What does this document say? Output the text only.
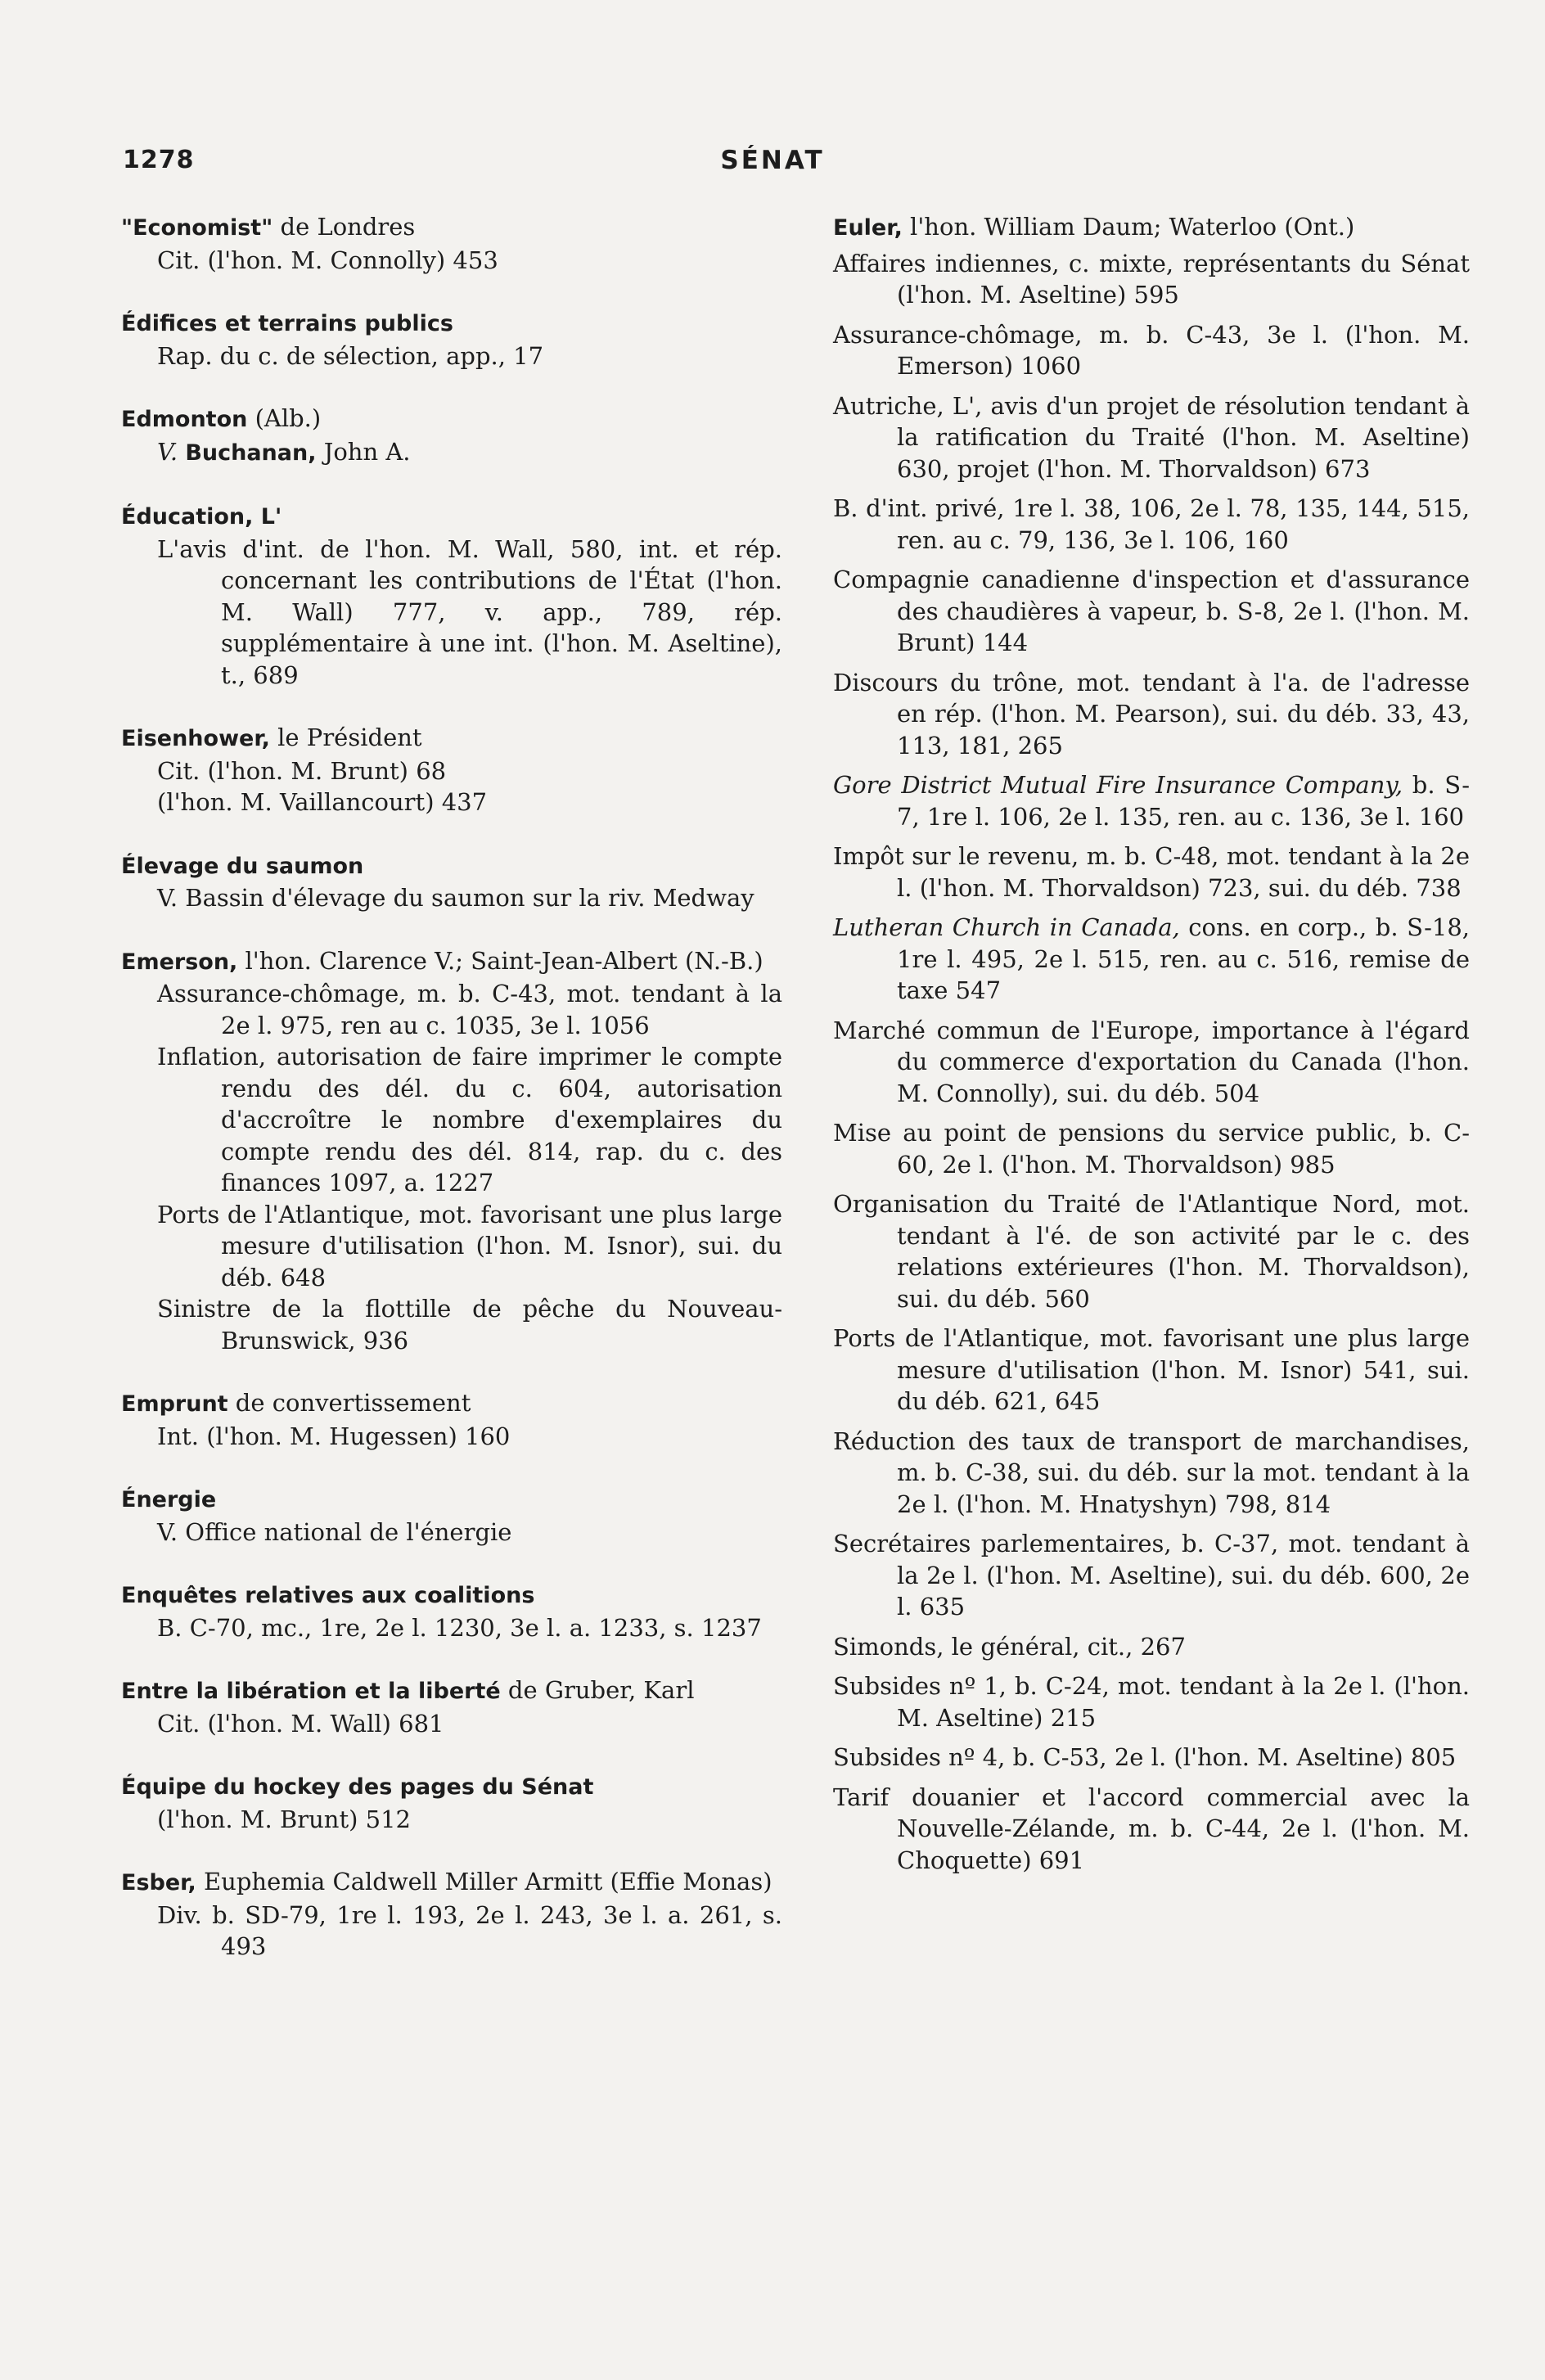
1278	SÉNAT
"Economist" de Londres
Cit. (l'hon. M. Connolly) 453
Édifices et terrains publics
Rap. du c. de sélection, app., 17
Edmonton (Alb.)
V. Buchanan, John A.
Éducation, L'
L'avis d'int. de l'hon. M. Wall, 580, int. et rép. concernant les contributions de l'État (l'hon. M. Wall) 777, v. app., 789, rép. supplémentaire à une int. (l'hon. M. Aseltine), t., 689
Eisenhower, le Président
Cit. (l'hon. M. Brunt) 68
(l'hon. M. Vaillancourt) 437
Élevage du saumon
V. Bassin d'élevage du saumon sur la riv. Medway
Emerson, l'hon. Clarence V.; Saint-Jean-Albert (N.-B.)
Assurance-chômage, m. b. C-43, mot. tendant à la 2e l. 975, ren au c. 1035, 3e l. 1056
Inflation, autorisation de faire imprimer le compte rendu des dél. du c. 604, autorisation d'accroître le nombre d'exemplaires du compte rendu des dél. 814, rap. du c. des finances 1097, a. 1227
Ports de l'Atlantique, mot. favorisant une plus large mesure d'utilisation (l'hon. M. Isnor), sui. du déb. 648
Sinistre de la flottille de pêche du Nouveau-Brunswick, 936
Emprunt de convertissement
Int. (l'hon. M. Hugessen) 160
Énergie
V. Office national de l'énergie
Enquêtes relatives aux coalitions
B. C-70, mc., 1re, 2e l. 1230, 3e l. a. 1233, s. 1237
Entre la libération et la liberté de Gruber, Karl
Cit. (l'hon. M. Wall) 681
Équipe du hockey des pages du Sénat
(l'hon. M. Brunt) 512
Esber, Euphemia Caldwell Miller Armitt (Effie Monas)
Div. b. SD-79, 1re l. 193, 2e l. 243, 3e l. a. 261, s. 493
Euler, l'hon. William Daum; Waterloo (Ont.)
Affaires indiennes, c. mixte, représentants du Sénat (l'hon. M. Aseltine) 595
Assurance-chômage, m. b. C-43, 3e l. (l'hon. M. Emerson) 1060
Autriche, L', avis d'un projet de résolution tendant à la ratification du Traité (l'hon. M. Aseltine) 630, projet (l'hon. M. Thorvaldson) 673
B. d'int. privé, 1re l. 38, 106, 2e l. 78, 135, 144, 515, ren. au c. 79, 136, 3e l. 106, 160
Compagnie canadienne d'inspection et d'assurance des chaudières à vapeur, b. S-8, 2e l. (l'hon. M. Brunt) 144
Discours du trône, mot. tendant à l'a. de l'adresse en rép. (l'hon. M. Pearson), sui. du déb. 33, 43, 113, 181, 265
Gore District Mutual Fire Insurance Company, b. S-7, 1re l. 106, 2e l. 135, ren. au c. 136, 3e l. 160
Impôt sur le revenu, m. b. C-48, mot. tendant à la 2e l. (l'hon. M. Thorvaldson) 723, sui. du déb. 738
Lutheran Church in Canada, cons. en corp., b. S-18, 1re l. 495, 2e l. 515, ren. au c. 516, remise de taxe 547
Marché commun de l'Europe, importance à l'égard du commerce d'exportation du Canada (l'hon. M. Connolly), sui. du déb. 504
Mise au point de pensions du service public, b. C-60, 2e l. (l'hon. M. Thorvaldson) 985
Organisation du Traité de l'Atlantique Nord, mot. tendant à l'é. de son activité par le c. des relations extérieures (l'hon. M. Thorvaldson), sui. du déb. 560
Ports de l'Atlantique, mot. favorisant une plus large mesure d'utilisation (l'hon. M. Isnor) 541, sui. du déb. 621, 645
Réduction des taux de transport de marchandises, m. b. C-38, sui. du déb. sur la mot. tendant à la 2e l. (l'hon. M. Hnatyshyn) 798, 814
Secrétaires parlementaires, b. C-37, mot. tendant à la 2e l. (l'hon. M. Aseltine), sui. du déb. 600, 2e l. 635
Simonds, le général, cit., 267
Subsides nº 1, b. C-24, mot. tendant à la 2e l. (l'hon. M. Aseltine) 215
Subsides nº 4, b. C-53, 2e l. (l'hon. M. Aseltine) 805
Tarif douanier et l'accord commercial avec la Nouvelle-Zélande, m. b. C-44, 2e l. (l'hon. M. Choquette) 691
